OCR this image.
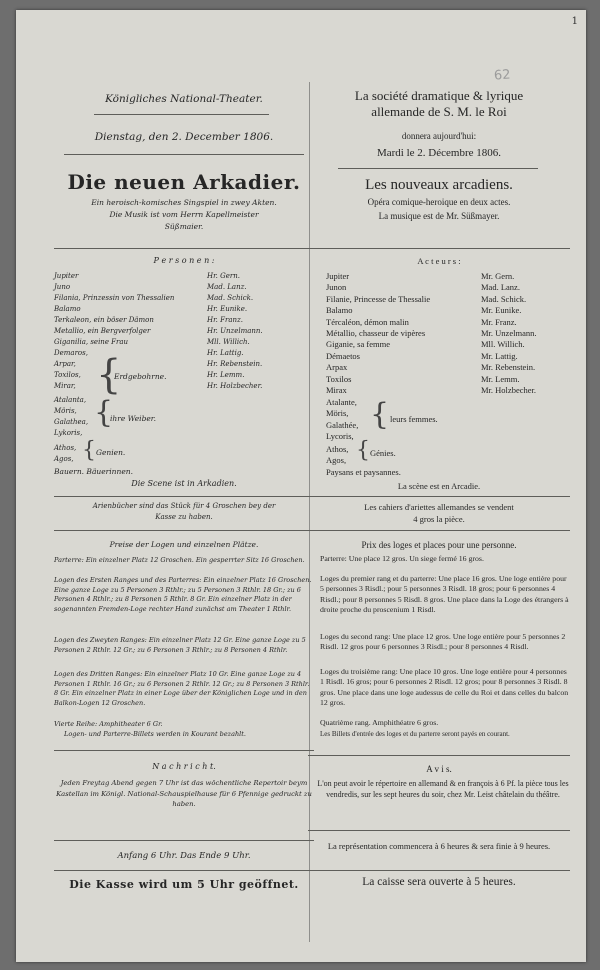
1
62
Königliches National-Theater.
Dienstag, den 2. December 1806.
Die neuen Arkadier.
Ein heroisch-komisches Singspiel in zwey Akten.
Die Musik ist vom Herrn Kapellmeister
Süßmaier.
P e r s o n e n :
Jupiter	Hr. Gern.
Juno	Mad. Lanz.
Filania, Prinzessin von Thessalien	Mad. Schick.
Balamo	Hr. Eunike.
Terkaleon, ein böser Dämon	Hr. Franz.
Metallio, ein Bergverfolger	Hr. Unzelmann.
Giganilia, seine Frau	Mll. Willich.
Demaros,	Hr. Lattig.
Arpar,	Hr. Rebenstein.
Toxilos,	Hr. Lemm.
Mirar,	Hr. Holzbecher.
{
Erdgebohrne.
Atalanta,
Möris,
Galathea,
Lykoris,
{
ihre Weiber.
Athos,
Agos, { Genien.
Bauern. Bäuerinnen.
Die Scene ist in Arkadien.
Arienbücher sind das Stück für 4 Groschen bey der
Kasse zu haben.
Preise der Logen und einzelnen Plätze.
Parterre: Ein einzelner Platz 12 Groschen. Ein gesperrter Sitz 16 Groschen.
Logen des Ersten Ranges und des Parterres: Ein einzelner Platz 16 Groschen. Eine ganze Loge zu 5 Personen 3 Rthlr.; zu 5 Personen 3 Rthlr. 18 Gr.; zu 6 Personen 4 Rthlr.; zu 8 Personen 5 Rthlr. 8 Gr. Ein einzelner Platz in der sogenannten Fremden-Loge rechter Hand zunächst am Theater 1 Rthlr.
Logen des Zweyten Ranges: Ein einzelner Platz 12 Gr. Eine ganze Loge zu 5 Personen 2 Rthlr. 12 Gr.; zu 6 Personen 3 Rthlr.; zu 8 Personen 4 Rthlr.
Logen des Dritten Ranges: Ein einzelner Platz 10 Gr. Eine ganze Loge zu 4 Personen 1 Rthlr. 16 Gr.; zu 6 Personen 2 Rthlr. 12 Gr.; zu 8 Personen 3 Rthlr. 8 Gr. Ein einzelner Platz in einer Loge über der Königlichen Loge und in den Balkon-Logen 12 Groschen.
Vierte Reihe: Amphitheater 6 Gr.
Logen- und Parterre-Billets werden in Kourant bezahlt.
N a c h r i c h t.
Jeden Freytag Abend gegen 7 Uhr ist das wöchentliche Repertoir beym Kastellan im Königl. National-Schauspielhause für 6 Pfennige gedruckt zu haben.
Anfang 6 Uhr. Das Ende 9 Uhr.
Die Kasse wird um 5 Uhr geöffnet.
La société dramatique & lyrique
allemande de S. M. le Roi
donnera aujourd'hui:
Mardi le 2. Décembre 1806.
Les nouveaux arcadiens.
Opéra comique-heroique en deux actes.
La musique est de Mr. Süßmayer.
A c t e u r s :
Jupiter	Mr. Gern.
Junon	Mad. Lanz.
Filanie, Princesse de Thessalie	Mad. Schick.
Balamo	Mr. Eunike.
Tércaléon, démon malin	Mr. Franz.
Métallio, chasseur de vipères	Mr. Unzelmann.
Giganie, sa femme	Mll. Willich.
Démaetos	Mr. Lattig.
Arpax	Mr. Rebenstein.
Toxilos	Mr. Lemm.
Mirax	Mr. Holzbecher.
Atalante,
Möris,
Galathée,
Lycoris,
{ leurs femmes.
Athos,
Agos, { Génies.
Paysans et paysannes.
La scène est en Arcadie.
Les cahiers d'ariettes allemandes se vendent
4 gros la pièce.
Prix des loges et places pour une personne.
Parterre: Une place 12 gros. Un siege fermé 16 gros.
Loges du premier rang et du parterre: Une place 16 gros. Une loge entière pour 5 personnes 3 Risdl.; pour 5 personnes 3 Risdl. 18 gros; pour 6 personnes 4 Risdl.; pour 8 personnes 5 Risdl. 8 gros. Une place dans la Loge des étrangers à droite proche du proscenium 1 Risdl.
Loges du second rang: Une place 12 gros. Une loge entière pour 5 personnes 2 Risdl. 12 gros pour 6 personnes 3 Risdl.; pour 8 personnes 4 Risdl.
Loges du troisième rang: Une place 10 gros. Une loge entière pour 4 personnes 1 Risdl. 16 gros; pour 6 personnes 2 Risdl. 12 gros; pour 8 personnes 3 Risdl. 8 gros. Une place dans une loge audessus de celle du Roi et dans celles du balcon 12 gros.
Quatrième rang. Amphithéatre 6 gros.
Les Billets d'entrée des loges et du parterre seront payés en courant.
A v i s.
L'on peut avoir le répertoire en allemand & en françois à 6 Pf. la pièce tous les vendredis, sur les sept heures du soir, chez Mr. Leist châtelain du théâtre.
La représentation commencera à 6 heures & sera finie à 9 heures.
La caisse sera ouverte à 5 heures.
